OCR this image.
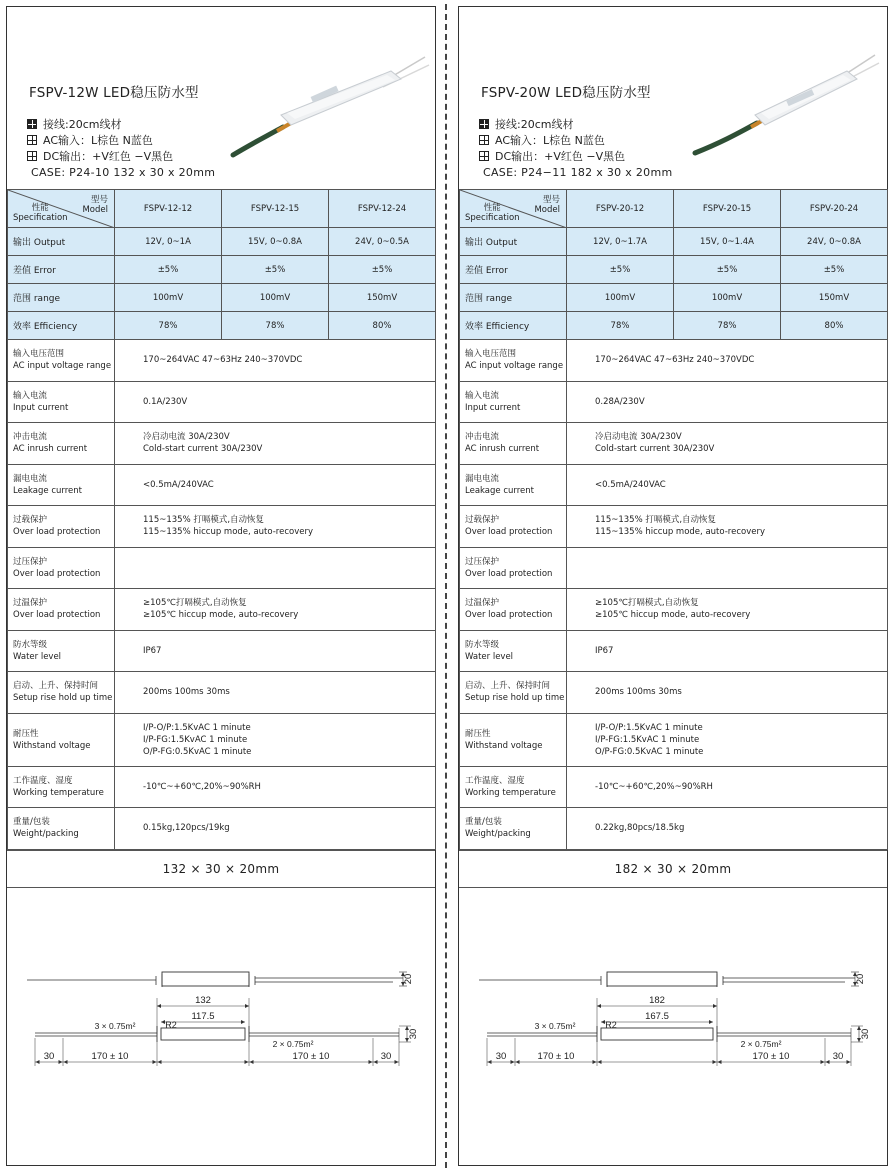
FSPV-12W LED稳压防水型
接线:20cm线材
AC输入：L棕色 N蓝色
DC输出：+V红色 −V黑色
CASE: P24-10 132 x 30 x 20mm
型号
Model
性能
Specification	FSPV-12-12	FSPV-12-15	FSPV-12-24
输出 Output	12V, 0~1A	15V, 0~0.8A	24V, 0~0.5A
差值 Error	±5%	±5%	±5%
范围 range	100mV	100mV	150mV
效率 Efficiency	78%	78%	80%

输入电压范围
AC input voltage range	170~264VAC 47~63Hz 240~370VDC		

输入电流
Input current	0.1A/230V		

冲击电流
AC inrush current	冷启动电流 30A/230V
Cold-start current 30A/230V		

漏电电流
Leakage current	<0.5mA/240VAC		

过载保护
Over load protection	115~135% 打嗝模式,自动恢复
115~135% hiccup mode, auto-recovery		

过压保护
Over load protection			

过温保护
Over load protection	≥105℃打嗝模式,自动恢复
≥105℃ hiccup mode, auto-recovery		

防水等级
Water level	IP67		

启动、上升、保持时间
Setup rise hold up time	200ms 100ms 30ms		

耐压性
Withstand voltage	I/P-O/P:1.5KvAC 1 minute
I/P-FG:1.5KvAC 1 minute
O/P-FG:0.5KvAC 1 minute		

工作温度、湿度
Working temperature	-10℃~+60℃,20%~90%RH		

重量/包装
Weight/packing	0.15kg,120pcs/19kg		
132 × 30 × 20mm
20
132
117.5
30
3 × 0.75m²	R2
2 × 0.75m²
30	170 ± 10	170 ± 10	30
FSPV-20W LED稳压防水型
接线:20cm线材
AC输入：L棕色 N蓝色
DC输出：+V红色 −V黑色
CASE: P24−11 182 x 30 x 20mm
型号
Model
性能
Specification	FSPV-20-12	FSPV-20-15	FSPV-20-24
输出 Output	12V, 0~1.7A	15V, 0~1.4A	24V, 0~0.8A
差值 Error	±5%	±5%	±5%
范围 range	100mV	100mV	150mV
效率 Efficiency	78%	78%	80%

输入电压范围
AC input voltage range	170~264VAC 47~63Hz 240~370VDC		

输入电流
Input current	0.28A/230V		

冲击电流
AC inrush current	冷启动电流 30A/230V
Cold-start current 30A/230V		

漏电电流
Leakage current	<0.5mA/240VAC		

过载保护
Over load protection	115~135% 打嗝模式,自动恢复
115~135% hiccup mode, auto-recovery		

过压保护
Over load protection			

过温保护
Over load protection	≥105℃打嗝模式,自动恢复
≥105℃ hiccup mode, auto-recovery		

防水等级
Water level	IP67		

启动、上升、保持时间
Setup rise hold up time	200ms 100ms 30ms		

耐压性
Withstand voltage	I/P-O/P:1.5KvAC 1 minute
I/P-FG:1.5KvAC 1 minute
O/P-FG:0.5KvAC 1 minute		

工作温度、湿度
Working temperature	-10℃~+60℃,20%~90%RH		

重量/包装
Weight/packing	0.22kg,80pcs/18.5kg		
182 × 30 × 20mm
20
182
167.5
30
3 × 0.75m²	R2
2 × 0.75m²
30	170 ± 10	170 ± 10	30
